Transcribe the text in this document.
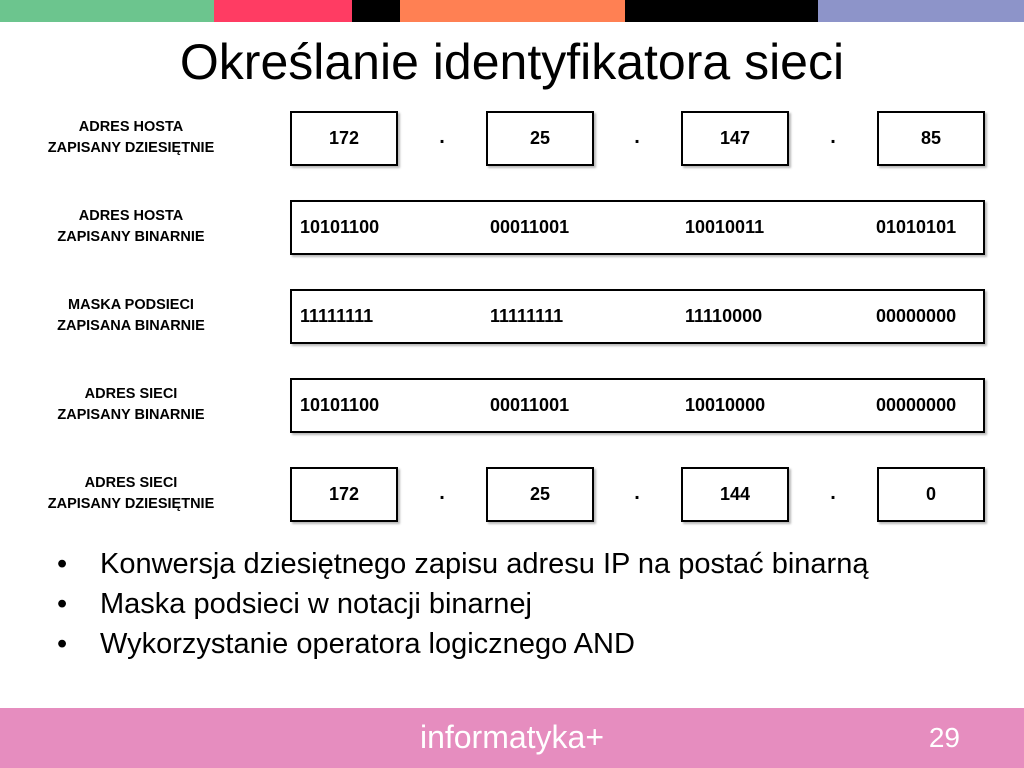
Określanie identyfikatora sieci
ADRES HOSTA
ZAPISANY DZIESIĘTNIE	172	.	25	.	147	.	85
ADRES HOSTA
ZAPISANY BINARNIE	10101100	00011001	10010011	01010101
MASKA PODSIECI
ZAPISANA BINARNIE	11111111	11111111	11110000	00000000
ADRES SIECI
ZAPISANY BINARNIE	10101100	00011001	10010000	00000000
ADRES SIECI
ZAPISANY DZIESIĘTNIE	172	.	25	.	144	.	0
• Konwersja dziesiętnego zapisu adresu IP na postać binarną
• Maska podsieci w notacji binarnej
• Wykorzystanie operatora logicznego AND
informatyka+	29
